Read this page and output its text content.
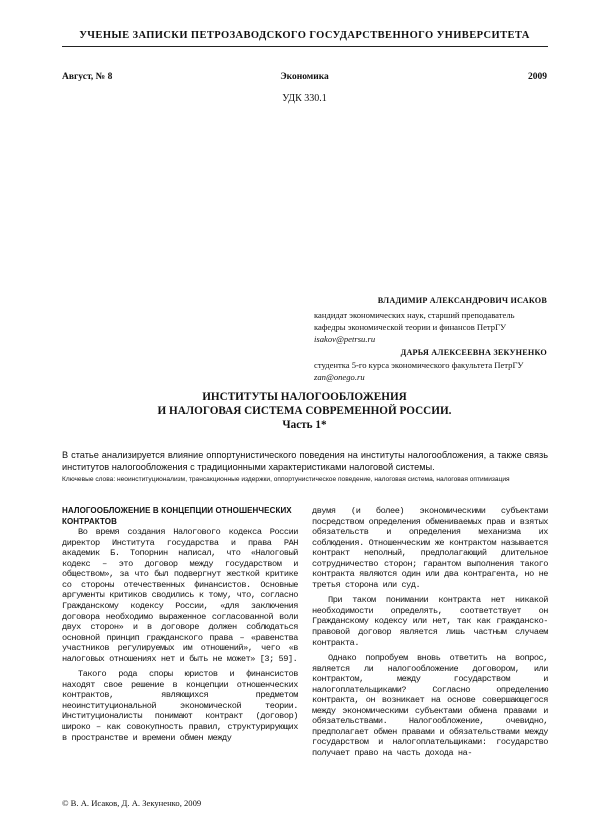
УЧЕНЫЕ ЗАПИСКИ ПЕТРОЗАВОДСКОГО ГОСУДАРСТВЕННОГО УНИВЕРСИТЕТА
Август, № 8	Экономика	2009
УДК 330.1
ВЛАДИМИР АЛЕКСАНДРОВИЧ ИСАКОВ
кандидат экономических наук, старший преподаватель
кафедры экономической теории и финансов ПетрГУ
isakov@petrsu.ru
ДАРЬЯ АЛЕКСЕЕВНА ЗЕКУНЕНКО
студентка 5-го курса экономического факультета ПетрГУ
zan@onego.ru
ИНСТИТУТЫ НАЛОГООБЛОЖЕНИЯ
И НАЛОГОВАЯ СИСТЕМА СОВРЕМЕННОЙ РОССИИ.
Часть 1*
В статье анализируется влияние оппортунистического поведения на институты налогообложения, а также связь институтов налогообложения с традиционными характеристиками налоговой системы.
Ключевые слова: неоинституционализм, трансакционные издержки, оппортунистическое поведение, налоговая система, налоговая оптимизация
НАЛОГООБЛОЖЕНИЕ В КОНЦЕПЦИИ ОТНОШЕНЧЕСКИХ КОНТРАКТОВ

Во время создания Налогового кодекса России директор Института государства и права РАН академик Б. Топорнин написал, что «Налоговый кодекс – это договор между государством и обществом», за что был подвергнут жесткой критике со стороны отечественных финансистов. Основные аргументы критиков сводились к тому, что, согласно Гражданскому кодексу России, «для заключения договора необходимо выраженное согласованной воли двух сторон» и в договоре должен соблюдаться основной принцип гражданского права – «равенства участников регулируемых им отношений», чего «в налоговых отношениях нет и быть не может» [3; 59].

Такого рода споры юристов и финансистов находят свое решение в концепции отношенческих контрактов, являющихся предметом неоинституциональной экономической теории. Институционалисты понимают контракт (договор) широко – как совокупность правил, структурирующих в пространстве и времени обмен между

двумя (и более) экономическими субъектами посредством определения обмениваемых прав и взятых обязательств и определения механизма их соблюдения. Отношенческим же контрактом называется контракт неполный, предполагающий длительное сотрудничество сторон; гарантом выполнения такого контракта являются один или два контрагента, но не третья сторона или суд.

При таком понимании контракта нет никакой необходимости определять, соответствует он Гражданскому кодексу или нет, так как гражданско-правовой договор является лишь частным случаем контракта.

Однако попробуем вновь ответить на вопрос, является ли налогообложение договором, или контрактом, между государством и налогоплательщиками? Согласно определению контракта, он возникает на основе совершающегося между экономическими субъектами обмена правами и обязательствами. Налогообложение, очевидно, предполагает обмен правами и обязательствами между государством и налогоплательщиками: государство получает право на часть дохода на-

© В. А. Исаков, Д. А. Зекуненко, 2009
